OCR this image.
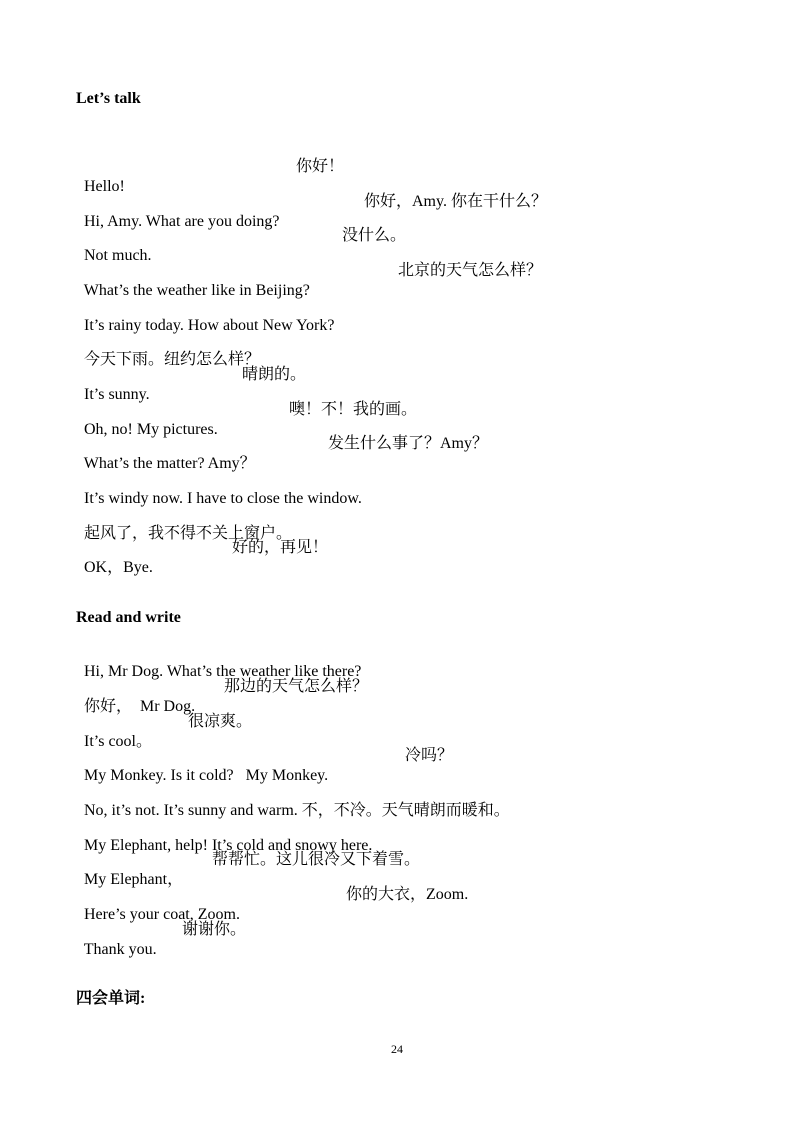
Let’s talk

Hello!

你好！

Hi, Amy. What are you doing?

你好，Amy. 你在干什么？

Not much.

没什么。

What’s the weather like in Beijing?

北京的天气怎么样？

It’s rainy today. How about New York?

今天下雨。纽约怎么样？

It’s sunny.

晴朗的。

Oh, no! My pictures.

噢！不！我的画。

What’s the matter? Amy？

发生什么事了？Amy？

It’s windy now. I have to close the window.

起风了，我不得不关上窗户。

OK，Bye.

好的，再见！

Read and write

Hi, Mr Dog. What’s the weather like there?

你好，  Mr Dog.

那边的天气怎么样？

It’s cool。

很凉爽。

My Monkey. Is it cold?   My Monkey.

冷吗？

No, it’s not. It’s sunny and warm. 不，不冷。天气晴朗而暖和。

My Elephant, help! It’s cold and snowy here.

My Elephant，

帮帮忙。这儿很冷又下着雪。

Here’s your coat, Zoom.

你的大衣，Zoom.

Thank you.

谢谢你。

四会单词:
24
